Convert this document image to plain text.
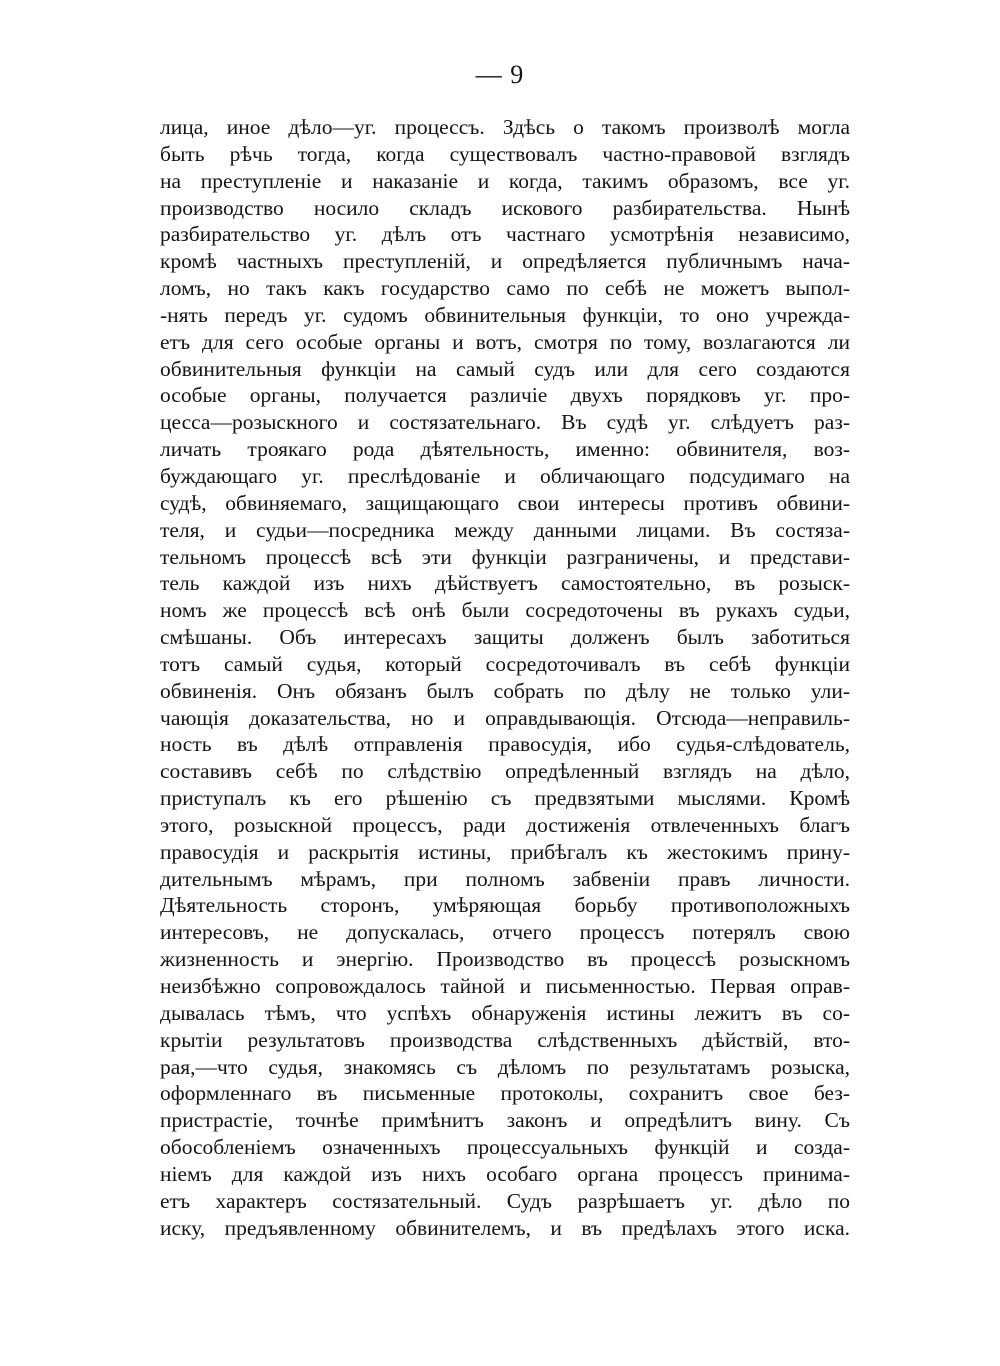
— 9
лица, иное дѣло—уг. процессъ. Здѣсь о такомъ произволѣ могла
быть рѣчь тогда, когда существовалъ частно-правовой взглядъ
на преступленіе и наказаніе и когда, такимъ образомъ, все уг.
производство носило складъ искового разбирательства. Нынѣ
разбирательство уг. дѣлъ отъ частнаго усмотрѣнія независимо,
кромѣ частныхъ преступленій, и опредѣляется публичнымъ нача-
ломъ, но такъ какъ государство само по себѣ не можетъ выпол-
-нять передъ уг. судомъ обвинительныя функціи, то оно учрежда-
етъ для сего особые органы и вотъ, смотря по тому, возлагаются ли
обвинительныя функціи на самый судъ или для сего создаются
особые органы, получается различіе двухъ порядковъ уг. про-
цесса—розыскного и состязательнаго. Въ судѣ уг. слѣдуетъ раз-
личать троякаго рода дѣятельность, именно: обвинителя, воз-
буждающаго уг. преслѣдованіе и обличающаго подсудимаго на
судѣ, обвиняемаго, защищающаго свои интересы противъ обвини-
теля, и судьи—посредника между данными лицами. Въ состяза-
тельномъ процессѣ всѣ эти функціи разграничены, и представи-
тель каждой изъ нихъ дѣйствуетъ самостоятельно, въ розыск-
номъ же процессѣ всѣ онѣ были сосредоточены въ рукахъ судьи,
смѣшаны. Объ интересахъ защиты долженъ былъ заботиться
тотъ самый судья, который сосредоточивалъ въ себѣ функціи
обвиненія. Онъ обязанъ былъ собрать по дѣлу не только ули-
чающія доказательства, но и оправдывающія. Отсюда—неправиль-
ность въ дѣлѣ отправленія правосудія, ибо судья-слѣдователь,
составивъ себѣ по слѣдствію опредѣленный взглядъ на дѣло,
приступалъ къ его рѣшенію съ предвзятыми мыслями. Кромѣ
этого, розыскной процессъ, ради достиженія отвлеченныхъ благъ
правосудія и раскрытія истины, прибѣгалъ къ жестокимъ прину-
дительнымъ мѣрамъ, при полномъ забвеніи правъ личности.
Дѣятельность сторонъ, умѣряющая борьбу противоположныхъ
интересовъ, не допускалась, отчего процессъ потерялъ свою
жизненность и энергію. Производство въ процессѣ розыскномъ
неизбѣжно сопровождалось тайной и письменностью. Первая оправ-
дывалась тѣмъ, что успѣхъ обнаруженія истины лежитъ въ со-
крытіи результатовъ производства слѣдственныхъ дѣйствій, вто-
рая,—что судья, знакомясь съ дѣломъ по результатамъ розыска,
оформленнаго въ письменные протоколы, сохранитъ свое без-
пристрастіе, точнѣе примѣнитъ законъ и опредѣлитъ вину. Съ
обособленіемъ означенныхъ процессуальныхъ функцій и созда-
ніемъ для каждой изъ нихъ особаго органа процессъ принима-
етъ характеръ состязательный. Судъ разрѣшаетъ уг. дѣло по
иску, предъявленному обвинителемъ, и въ предѣлахъ этого иска.
